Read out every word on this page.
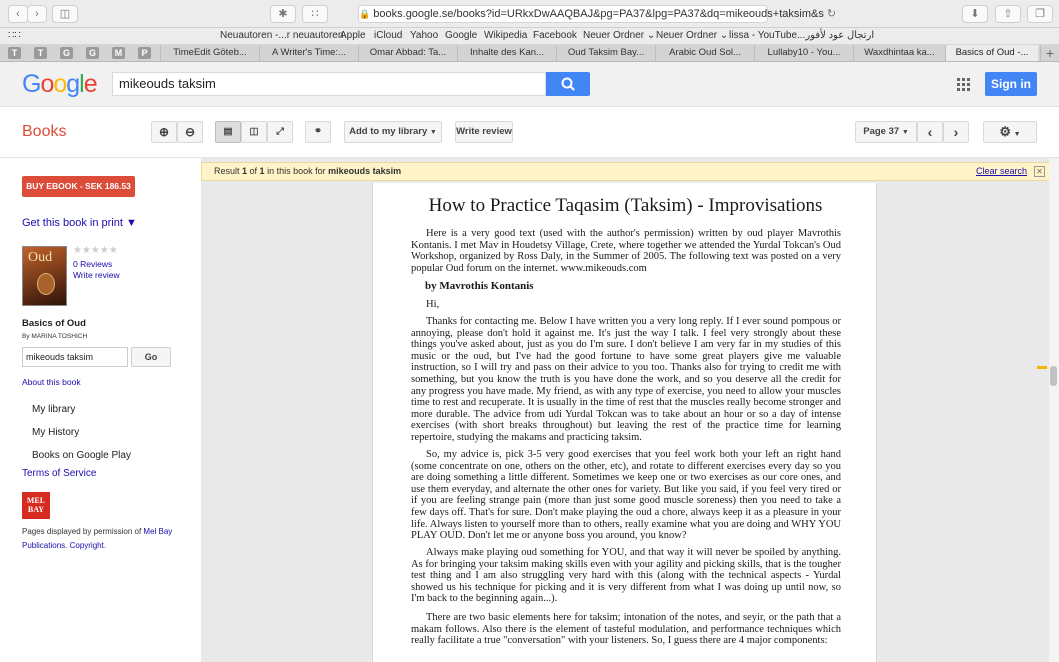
‹	›	◫	✱	∷	🔒 books.google.se/books?id=URkxDwAAQBAJ&pg=PA37&lpg=PA37&dq=mikeouds+taksim&s ↻	⬇	⇧	❐
∷∷	Neuautoren -...r neuautoren
Apple iCloud Yahoo Google Wikipedia Facebook Neuer Ordner ⌄ Neuer Ordner ⌄ lissa - YouTube...ارتجال عود لأفور
T	T	G	G	M	P	TimeEdit Göteb...	A Writer's Time:...	Omar Abbad: Ta...	Inhalte des Kan...	Oud Taksim Bay...	Arabic Oud Sol...	Lullaby10 - You...	Waxdhintaa ka...	Basics of Oud -...	+
Google	mikeouds taksim	Sign in
Books	⊕	⊖	▤	◫	⤢	⚭	Add to my library ▼	Write review	Page 37 ▼	‹	›	⚙ ▼
BUY EBOOK - SEK 186.53
Get this book in print ▼
Oud	★★★★★
0 Reviews
Write review
Basics of Oud
By MARINA TOSHICH
mikeouds taksim	Go
About this book
My library
My History
Books on Google Play
Terms of Service
MEL BAY
Pages displayed by permission of Mel Bay Publications. Copyright.
Result 1 of 1 in this book for mikeouds taksim	Clear search ✕
How to Practice Taqasim (Taksim) - Improvisations
Here is a very good text (used with the author's permission) written by oud player Mavrothis Kontanis. I met Mav in Houdetsy Village, Crete, where together we attended the Yurdal Tokcan's Oud Workshop, organized by Ross Daly, in the Summer of 2005. The following text was posted on a very popular Oud forum on the internet. www.mikeouds.com
by Mavrothis Kontanis
Hi,
Thanks for contacting me. Below I have written you a very long reply. If I ever sound pompous or annoying, please don't hold it against me. It's just the way I talk. I feel very strongly about these things you've asked about, just as you do I'm sure. I don't believe I am very far in my studies of this music or the oud, but I've had the good fortune to have some great players give me valuable instruction, so I will try and pass on their advice to you too. Thanks also for trying to credit me with something, but you know the truth is you have done the work, and so you deserve all the credit for any progress you have made. My friend, as with any type of exercise, you need to allow your muscles time to rest and recuperate. It is usually in the time of rest that the muscles really become stronger and more durable. The advice from udi Yurdal Tokcan was to take about an hour or so a day of intense exercises (with short breaks throughout) but leaving the rest of the practice time for learning repertoire, studying the makams and practicing taksim.
So, my advice is, pick 3-5 very good exercises that you feel work both your left an right hand (some concentrate on one, others on the other, etc), and rotate to different exercises every day so you are doing something a little different. Sometimes we keep one or two exercises as our core ones, and use them everyday, and alternate the other ones for variety. But like you said, if you feel very tired or if you are feeling strange pain (more than just some good muscle soreness) then you need to take a few days off. That's for sure. Don't make playing the oud a chore, always keep it as a pleasure in your life. Always listen to yourself more than to others, really examine what you are doing and WHY YOU PLAY OUD. Don't let me or anyone boss you around, you know?
Always make playing oud something for YOU, and that way it will never be spoiled by anything. As for bringing your taksim making skills even with your agility and picking skills, that is the tougher test thing and I am also struggling very hard with this (along with the technical aspects - Yurdal showed us his technique for picking and it is very different from what I was doing up until now, so I'm back to the beginning again...).
There are two basic elements here for taksim; intonation of the notes, and seyir, or the path that a makam follows. Also there is the element of tasteful modulation, and performance techniques which really facilitate a true "conversation" with your listeners. So, I guess there are 4 major components:
